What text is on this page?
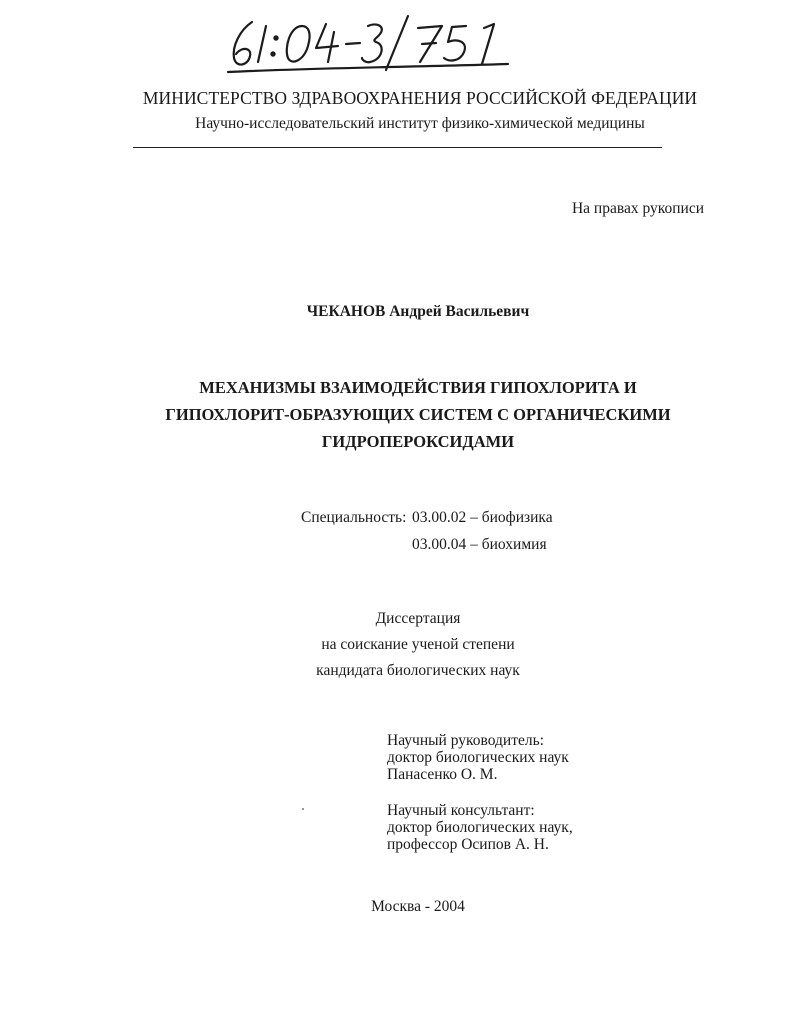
МИНИСТЕРСТВО ЗДРАВООХРАНЕНИЯ РОССИЙСКОЙ ФЕДЕРАЦИИ
Научно-исследовательский институт физико-химической медицины
На правах рукописи
ЧЕКАНОВ Андрей Васильевич
МЕХАНИЗМЫ ВЗАИМОДЕЙСТВИЯ ГИПОХЛОРИТА И
ГИПОХЛОРИТ-ОБРАЗУЮЩИХ СИСТЕМ С ОРГАНИЧЕСКИМИ
ГИДРОПЕРОКСИДАМИ
Специальность: 03.00.02 – биофизика
03.00.04 – биохимия
Диссертация
на соискание ученой степени
кандидата биологических наук
Научный руководитель:
доктор биологических наук
Панасенко О. М.
Научный консультант:
доктор биологических наук,
профессор Осипов А. Н.
Москва - 2004
